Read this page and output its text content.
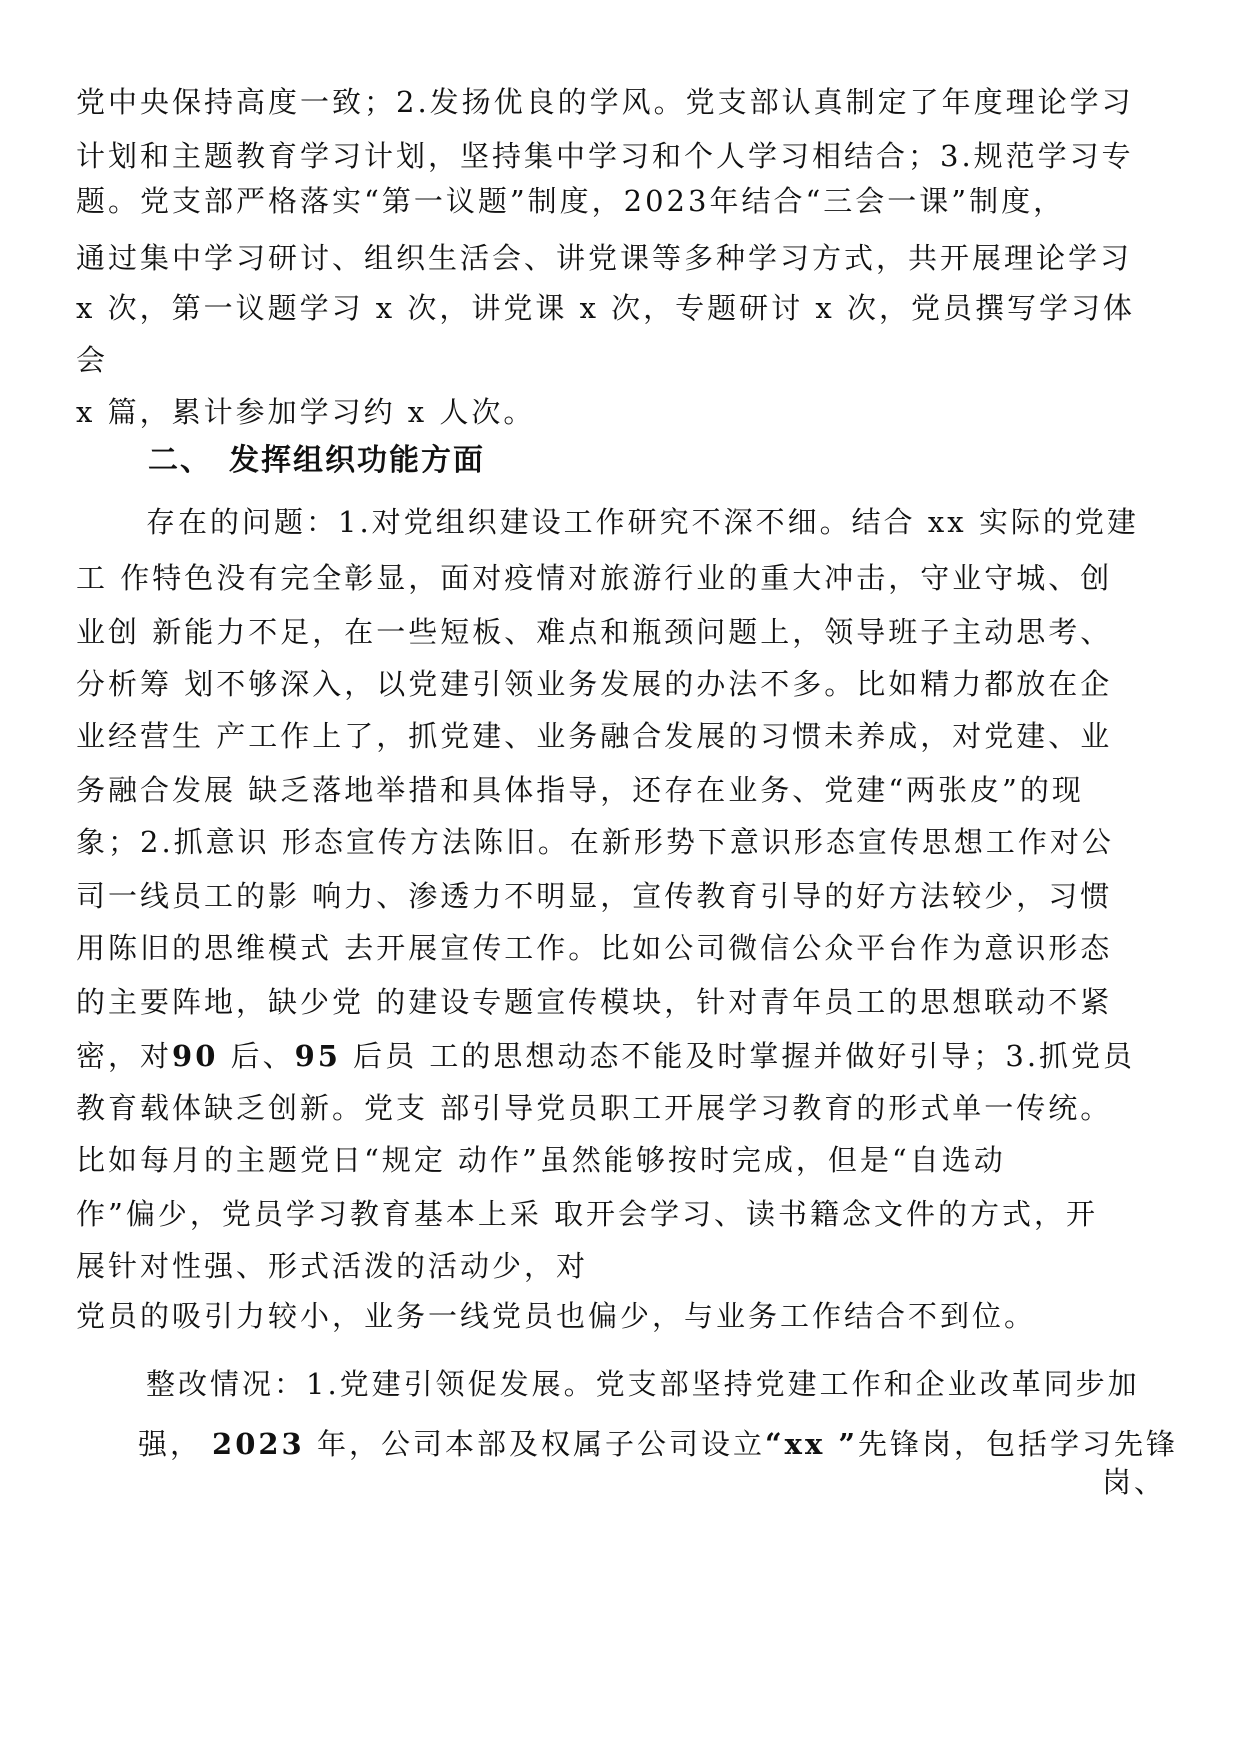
党中央保持高度一致；2.发扬优良的学风。党支部认真制定了年度理论学习
计划和主题教育学习计划，坚持集中学习和个人学习相结合；3.规范学习专
题。党支部严格落实“第一议题”制度，2023年结合“三会一课”制度，
通过集中学习研讨、组织生活会、讲党课等多种学习方式，共开展理论学习
x 次，第一议题学习 x 次，讲党课 x 次，专题研讨 x 次，党员撰写学习体
会
x 篇，累计参加学习约 x 人次。
二、　发挥组织功能方面
存在的问题：1.对党组织建设工作研究不深不细。结合 xx 实际的党建
工 作特色没有完全彰显，面对疫情对旅游行业的重大冲击，守业守城、创
业创 新能力不足，在一些短板、难点和瓶颈问题上，领导班子主动思考、
分析筹 划不够深入，以党建引领业务发展的办法不多。比如精力都放在企
业经营生 产工作上了，抓党建、业务融合发展的习惯未养成，对党建、业
务融合发展 缺乏落地举措和具体指导，还存在业务、党建“两张皮”的现
象；2.抓意识 形态宣传方法陈旧。在新形势下意识形态宣传思想工作对公
司一线员工的影 响力、渗透力不明显，宣传教育引导的好方法较少，习惯
用陈旧的思维模式 去开展宣传工作。比如公司微信公众平台作为意识形态
的主要阵地，缺少党 的建设专题宣传模块，针对青年员工的思想联动不紧
密，对90 后、95 后员 工的思想动态不能及时掌握并做好引导；3.抓党员
教育载体缺乏创新。党支 部引导党员职工开展学习教育的形式单一传统。
比如每月的主题党日“规定 动作”虽然能够按时完成，但是“自选动
作”偏少，党员学习教育基本上采 取开会学习、读书籍念文件的方式，开
展针对性强、形式活泼的活动少，对
党员的吸引力较小，业务一线党员也偏少，与业务工作结合不到位。
整改情况：1.党建引领促发展。党支部坚持党建工作和企业改革同步加
强， 2023 年，公司本部及权属子公司设立“xx ”先锋岗，包括学习先锋
岗、
